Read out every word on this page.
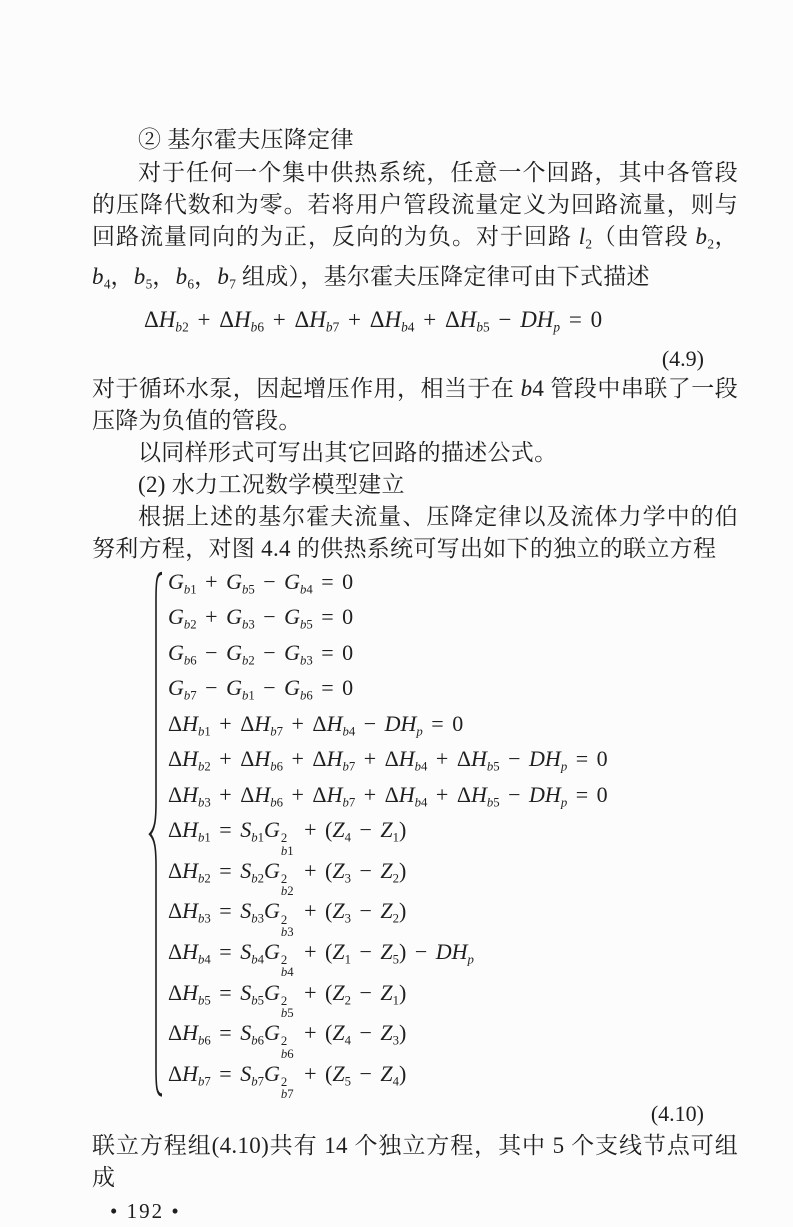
② 基尔霍夫压降定律

对于任何一个集中供热系统，任意一个回路，其中各管段的压降代数和为零。若将用户管段流量定义为回路流量，则与回路流量同向的为正，反向的为负。对于回路 $l_2$（由管段 $b_2$，$b_4$，$b_5$，$b_6$，$b_7$ 组成），基尔霍夫压降定律可由下式描述

$\Delta H_{b2} + \Delta H_{b6} + \Delta H_{b7} + \Delta H_{b4} + \Delta H_{b5} - DH_p = 0$
(4.9)

对于循环水泵，因起增压作用，相当于在 b4 管段中串联了一段压降为负值的管段。

以同样形式可写出其它回路的描述公式。

(2) 水力工况数学模型建立

根据上述的基尔霍夫流量、压降定律以及流体力学中的伯努利方程，对图 4.4 的供热系统可写出如下的独立的联立方程

$G_{b1} + G_{b5} - G_{b4} = 0$
$G_{b2} + G_{b3} - G_{b5} = 0$
$G_{b6} - G_{b2} - G_{b3} = 0$
$G_{b7} - G_{b1} - G_{b6} = 0$
$\Delta H_{b1} + \Delta H_{b7} + \Delta H_{b4} - DH_p = 0$
$\Delta H_{b2} + \Delta H_{b6} + \Delta H_{b7} + \Delta H_{b4} + \Delta H_{b5} - DH_p = 0$
$\Delta H_{b3} + \Delta H_{b6} + \Delta H_{b7} + \Delta H_{b4} + \Delta H_{b5} - DH_p = 0$
$\Delta H_{b1} = S_{b1}G$ 2
b1
+ $(Z_4 - Z_1)$
$\Delta H_{b2} = S_{b2}G$ 2
b2
+ $(Z_3 - Z_2)$
$\Delta H_{b3} = S_{b3}G$ 2
b3
+ $(Z_3 - Z_2)$
$\Delta H_{b4} = S_{b4}G$ 2
b4
+ $(Z_1 - Z_5) - DH_p$
$\Delta H_{b5} = S_{b5}G$ 2
b5
+ $(Z_2 - Z_1)$
$\Delta H_{b6} = S_{b6}G$ 2
b6
+ $(Z_4 - Z_3)$
$\Delta H_{b7} = S_{b7}G$ 2
b7
+ $(Z_5 - Z_4)$
(4.10)

联立方程组(4.10)共有 14 个独立方程，其中 5 个支线节点可组成

• 192 •
